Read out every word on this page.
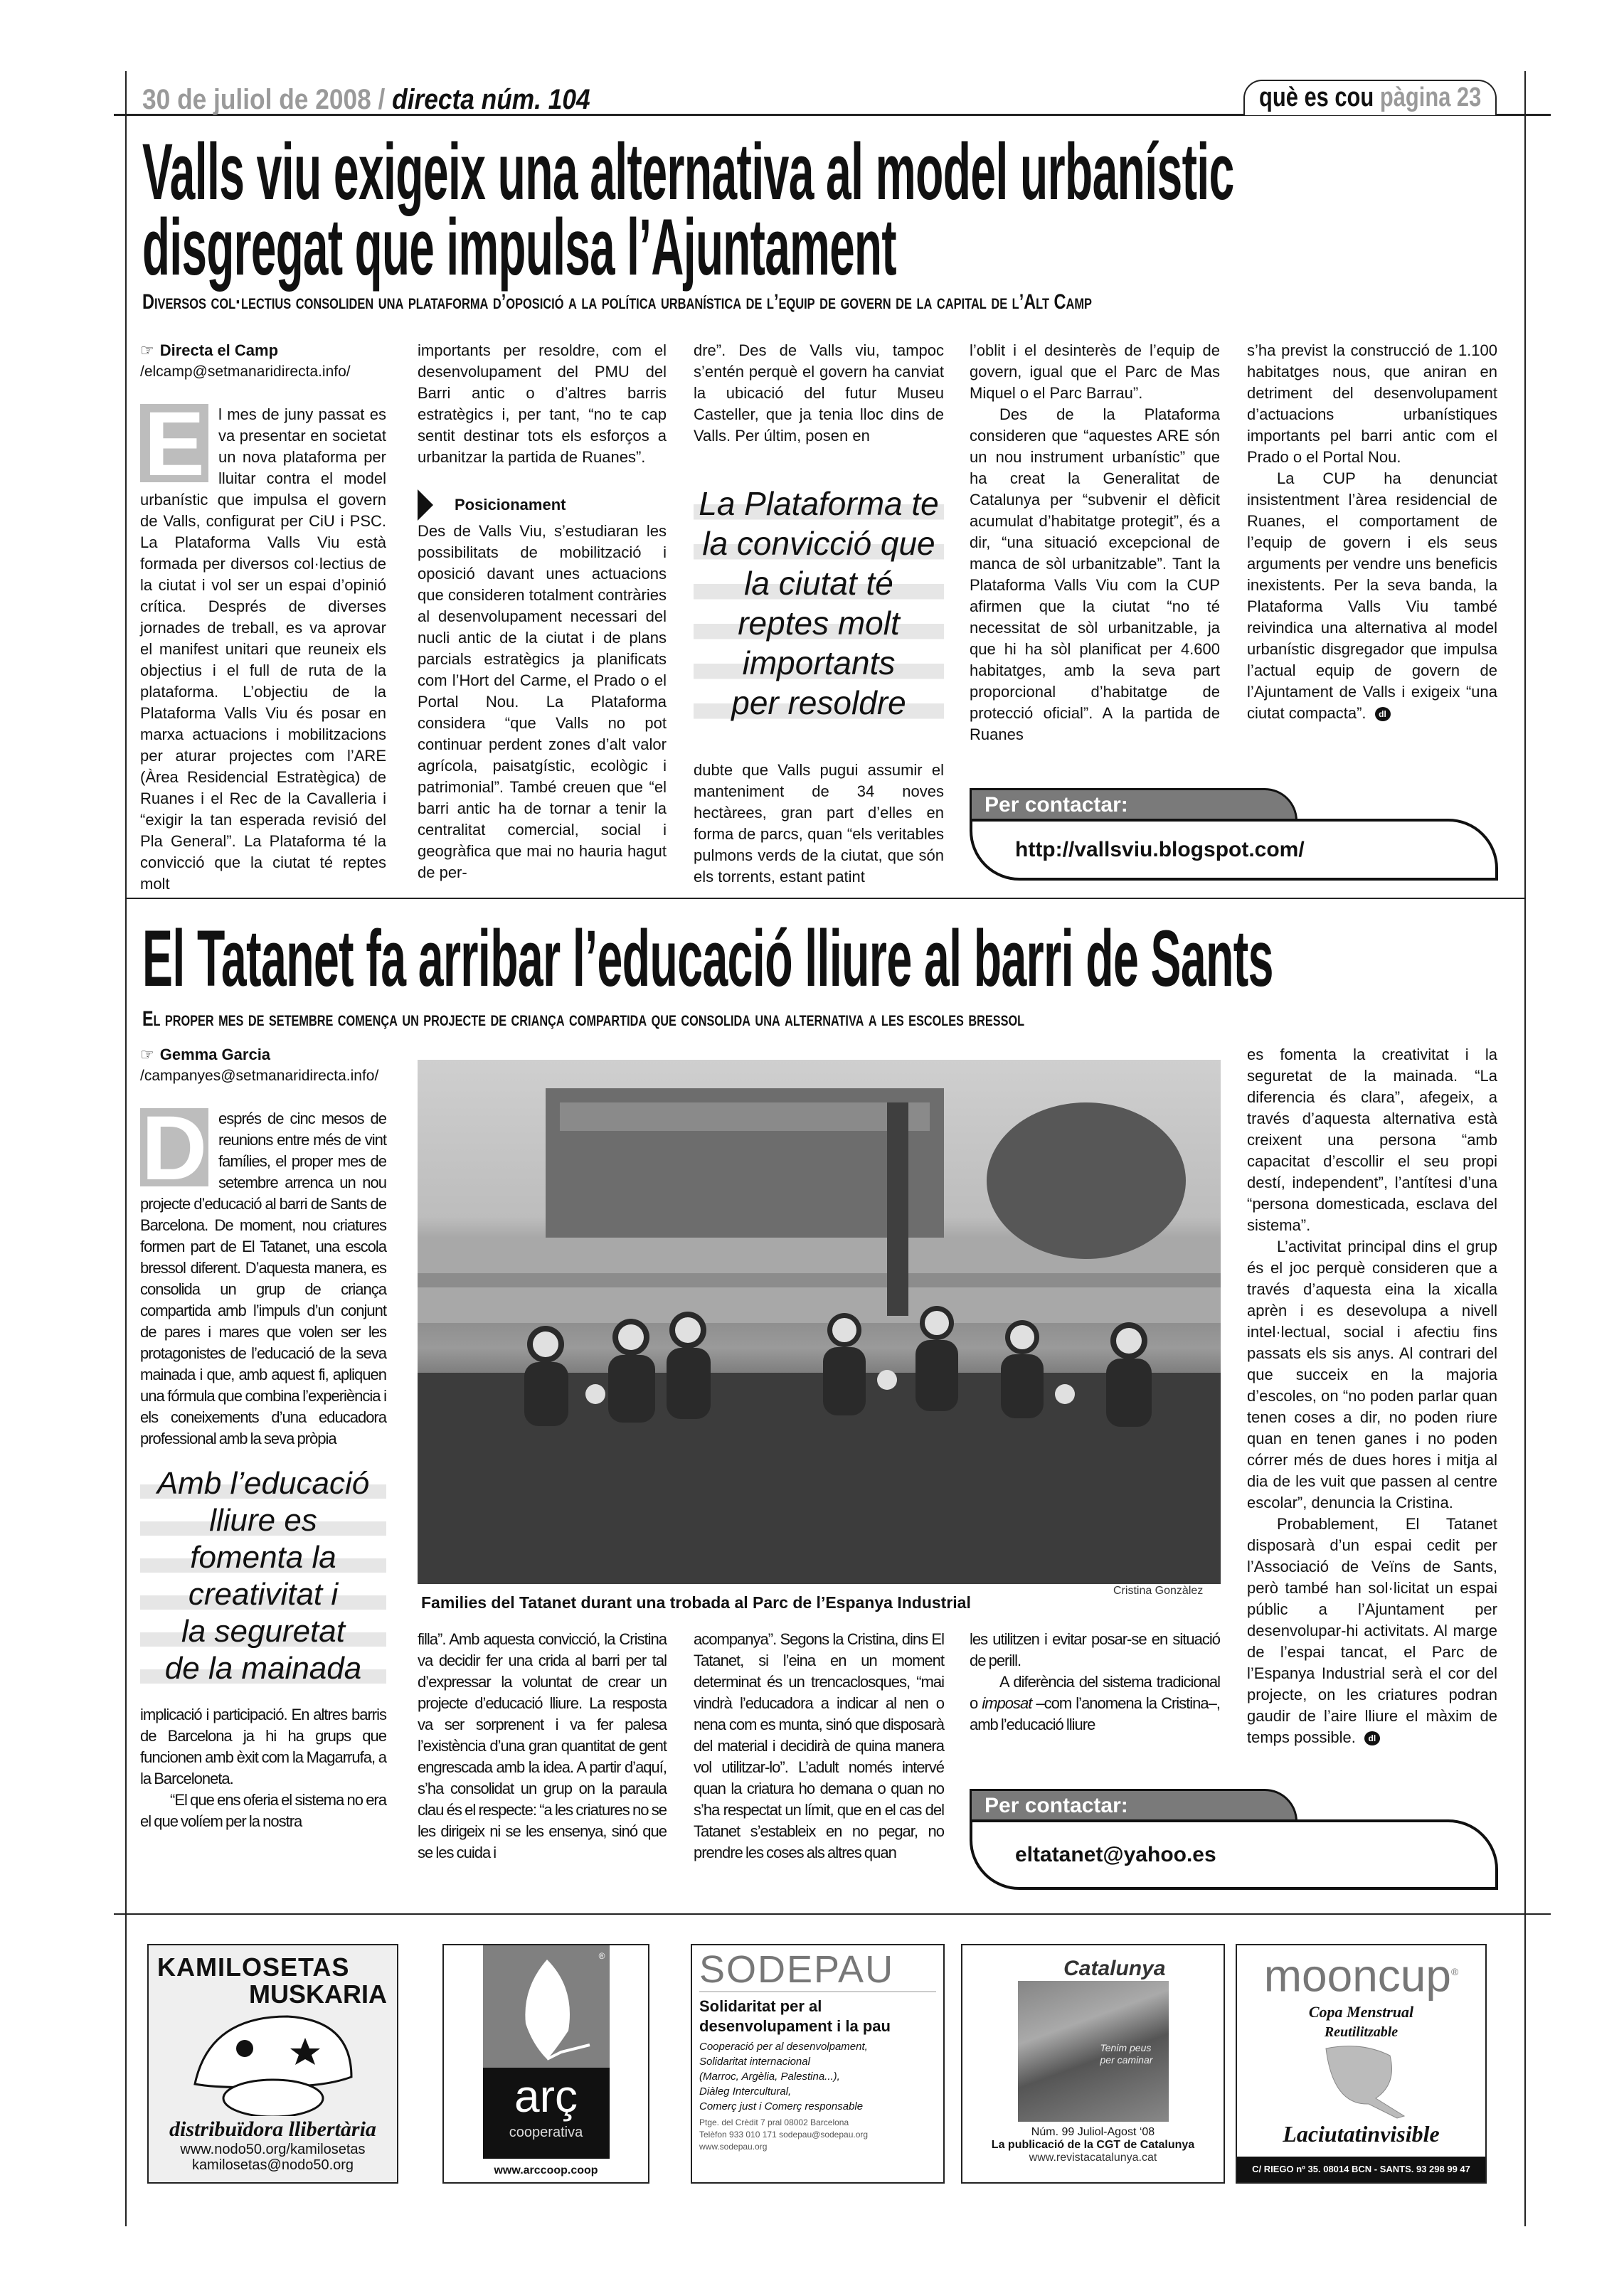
30 de juliol de 2008 / directa núm. 104	què es cou pàgina 23
Valls viu exigeix una alternativa al model urbanístic
disgregat que impulsa l’Ajuntament
Diversos col·lectius consoliden una plataforma d’oposició a la política urbanística de l’equip de govern de la capital de l’Alt Camp
☞ Directa el Camp
/elcamp@setmanaridirecta.info/
E l mes de juny passat es va presentar en societat un nova plataforma per lluitar contra el model urbanístic que impulsa el govern de Valls, configurat per CiU i PSC. La Plataforma Valls Viu està formada per diversos col·lectius de la ciutat i vol ser un espai d’opinió crítica. Després de diverses jornades de treball, es va aprovar el manifest unitari que reuneix els objectius i el full de ruta de la plataforma. L’objectiu de la Plataforma Valls Viu és posar en marxa actuacions i mobilitzacions per aturar projectes com l’ARE (Àrea Residencial Estratègica) de Ruanes i el Rec de la Cavalleria i “exigir la tan esperada revisió del Pla General”. La Plataforma té la convicció que la ciutat té reptes molt

importants per resoldre, com el desenvolupament del PMU del Barri antic o d’altres barris estratègics i, per tant, “no te cap sentit destinar tots els esforços a urbanitzar la partida de Ruanes”.

Posicionament

Des de Valls Viu, s’estudiaran les possibilitats de mobilització i oposició davant unes actuacions que consideren totalment contràries al desenvolupament necessari del nucli antic de la ciutat i de plans parcials estratègics ja planificats com l’Hort del Carme, el Prado o el Portal Nou. La Plataforma considera “que Valls no pot continuar perdent zones d’alt valor agrícola, paisatgístic, ecològic i patrimonial”. També creuen que “el barri antic ha de tornar a tenir la centralitat comercial, social i geogràfica que mai no hauria hagut de per-

dre”. Des de Valls viu, tampoc s’entén perquè el govern ha canviat la ubicació del futur Museu Casteller, que ja tenia lloc dins de Valls. Per últim, posen en

La Plataforma te
la convicció que
la ciutat té
reptes molt
importants
per resoldre

dubte que Valls pugui assumir el manteniment de 34 noves hectàrees, gran part d’elles en forma de parcs, quan “els veritables pulmons verds de la ciutat, que són els torrents, estant patint

l’oblit i el desinterès de l’equip de govern, igual que el Parc de Mas Miquel o el Parc Barrau”.

Des de la Plataforma consideren que “aquestes ARE són un nou instrument urbanístic” que ha creat la Generalitat de Catalunya per “subvenir el dèficit acumulat d’habitatge protegit”, és a dir, “una situació excepcional de manca de sòl urbanitzable”. Tant la Plataforma Valls Viu com la CUP afirmen que la ciutat “no té necessitat de sòl urbanitzable, ja que hi ha sòl planificat per 4.600 habitatges, amb la seva part proporcional d’habitatge de protecció oficial”. A la partida de Ruanes

s’ha previst la construcció de 1.100 habitatges nous, que aniran en detriment del desenvolupament d’actuacions urbanístiques importants pel barri antic com el Prado o el Portal Nou.

La CUP ha denunciat insistentment l’àrea residencial de Ruanes, el comportament de l’equip de govern i els seus arguments per vendre uns beneficis inexistents. Per la seva banda, la Plataforma Valls Viu també reivindica una alternativa al model urbanístic disgregador que impulsa l’actual equip de govern de l’Ajuntament de Valls i exigeix “una ciutat compacta”. dl

Per contactar:
http://vallsviu.blogspot.com/
El Tatanet fa arribar l’educació lliure al barri de Sants
El proper mes de setembre comença un projecte de criança compartida que consolida una alternativa a les escoles bressol
☞ Gemma Garcia
/campanyes@setmanaridirecta.info/
D esprés de cinc mesos de reunions entre més de vint famílies, el proper mes de setembre arrenca un nou projecte d’educació al barri de Sants de Barcelona. De moment, nou criatures formen part de El Tatanet, una escola bressol diferent. D’aquesta manera, es consolida un grup de criança compartida amb l’impuls d’un conjunt de pares i mares que volen ser les protagonistes de l’educació de la seva mainada i que, amb aquest fi, apliquen una fórmula que combina l’experiència i els coneixements d’una educadora professional amb la seva pròpia

Amb l’educació
lliure es
fomenta la
creativitat i
la seguretat
de la mainada

implicació i participació. En altres barris de Barcelona ja hi ha grups que funcionen amb èxit com la Magarrufa, a la Barceloneta.

“El que ens oferia el sistema no era el que volíem per la nostra

Families del Tatanet durant una trobada al Parc de l’Espanya Industrial
Cristina Gonzàlez

filla”. Amb aquesta convicció, la Cristina va decidir fer una crida al barri per tal d’expressar la voluntat de crear un projecte d’educació lliure. La resposta va ser sorprenent i va fer palesa l’existència d’una gran quantitat de gent engrescada amb la idea. A partir d’aquí, s’ha consolidat un grup on la paraula clau és el respecte: “a les criatures no se les dirigeix ni se les ensenya, sinó que se les cuida i

acompanya”. Segons la Cristina, dins El Tatanet, si l’eina en un moment determinat és un trencaclosques, “mai vindrà l’educadora a indicar al nen o nena com es munta, sinó que disposarà del material i decidirà de quina manera vol utilitzar-lo”. L’adult només intervé quan la criatura ho demana o quan no s’ha respectat un límit, que en el cas del Tatanet s’estableix en no pegar, no prendre les coses als altres quan

les utilitzen i evitar posar-se en situació de perill.

A diferència del sistema tradicional o imposat –com l’anomena la Cristina–, amb l’educació lliure

es fomenta la creativitat i la seguretat de la mainada. “La diferencia és clara”, afegeix, a través d’aquesta alternativa està creixent una persona “amb capacitat d’escollir el seu propi destí, independent”, l’antítesi d’una “persona domesticada, esclava del sistema”.

L’activitat principal dins el grup és el joc perquè consideren que a través d’aquesta eina la xicalla aprèn i es desevolupa a nivell intel·lectual, social i afectiu fins passats els sis anys. Al contrari del que succeix en la majoria d’escoles, on “no poden parlar quan tenen coses a dir, no poden riure quan en tenen ganes i no poden córrer més de dues hores i mitja al dia de les vuit que passen al centre escolar”, denuncia la Cristina.

Probablement, El Tatanet disposarà d’un espai cedit per l’Associació de Veïns de Sants, però també han sol·licitat un espai públic a l’Ajuntament per desenvolupar-hi activitats. Al marge de l’espai tancat, el Parc de l’Espanya Industrial serà el cor del projecte, on les criatures podran gaudir de l’aire lliure el màxim de temps possible. dl

Per contactar:
eltatanet@yahoo.es
KAMILOSETAS
MUSKARIA
distribuïdora llibertària
www.nodo50.org/kamilosetas
kamilosetas@nodo50.org
®
arç
cooperativa
www.arccoop.coop
SODEPAU
Solidaritat per al desenvolupament i la pau
Cooperació per al desenvolpament,
Solidaritat internacional
(Marroc, Argèlia, Palestina...),
Diàleg Intercultural,
Comerç just i Comerç responsable
Ptge. del Crèdit 7 pral 08002 Barcelona
Telèfon 933 010 171 sodepau@sodepau.org
www.sodepau.org
Catalunya
Tenim peus per caminar
Núm. 99 Juliol-Agost ‘08
La publicació de la CGT de Catalunya
www.revistacatalunya.cat
mooncup®
Copa Menstrual
Reutilitzable
Laciutatinvisible
C/ RIEGO nº 35. 08014 BCN - SANTS. 93 298 99 47
